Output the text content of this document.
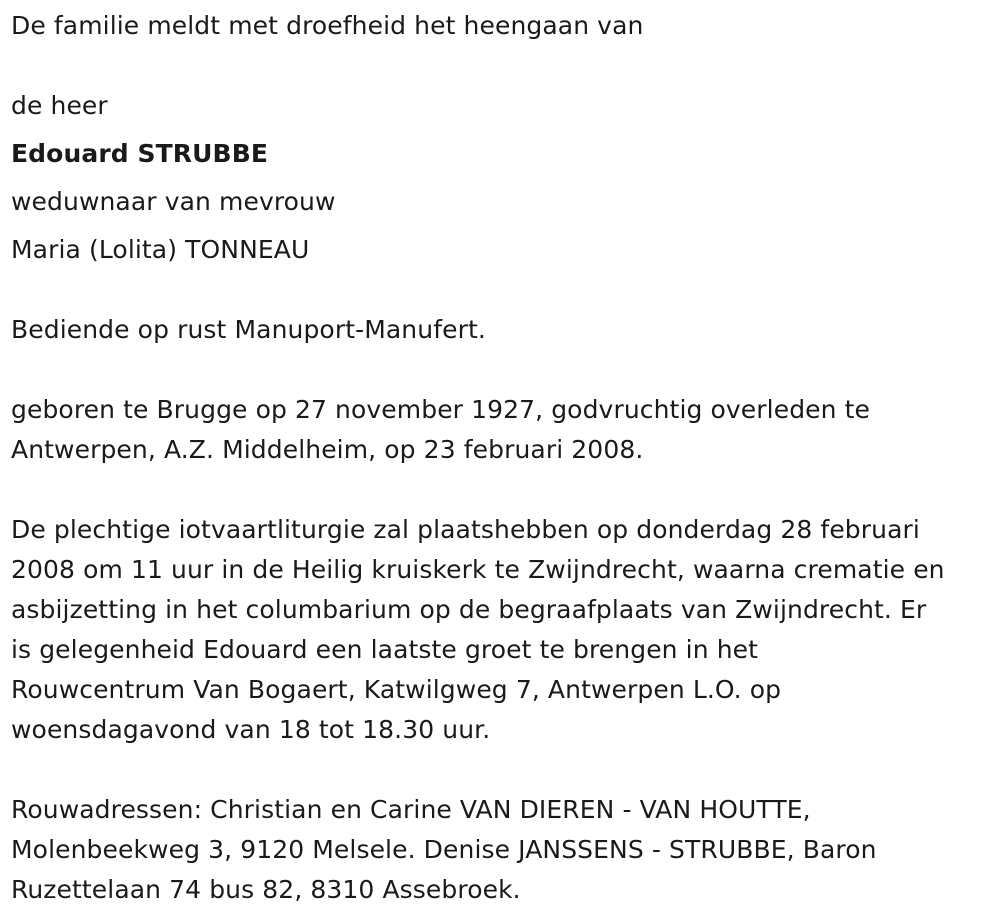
De familie meldt met droefheid het heengaan van
de heer
Edouard STRUBBE
weduwnaar van mevrouw
Maria (Lolita) TONNEAU
Bediende op rust Manuport-Manufert.
geboren te Brugge op 27 november 1927, godvruchtig overleden te
Antwerpen, A.Z. Middelheim, op 23 februari 2008.
De plechtige iotvaartliturgie zal plaatshebben op donderdag 28 februari
2008 om 11 uur in de Heilig kruiskerk te Zwijndrecht, waarna crematie en
asbijzetting in het columbarium op de begraafplaats van Zwijndrecht. Er
is gelegenheid Edouard een laatste groet te brengen in het
Rouwcentrum Van Bogaert, Katwilgweg 7, Antwerpen L.O. op
woensdagavond van 18 tot 18.30 uur.
Rouwadressen: Christian en Carine VAN DIEREN - VAN HOUTTE,
Molenbeekweg 3, 9120 Melsele. Denise JANSSENS - STRUBBE, Baron
Ruzettelaan 74 bus 82, 8310 Assebroek.
